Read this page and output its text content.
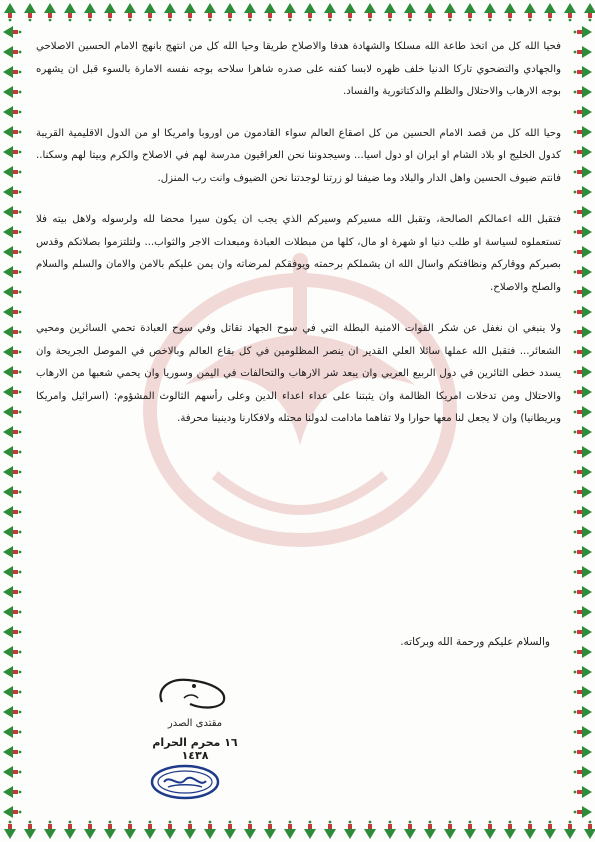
فحيا الله كل من اتخذ طاعة الله مسلكا والشهادة هدفا والاصلاح طريقا وحيا الله كل من انتهج بانهج الامام الحسين الاصلاحي والجهادي والتضحوي تاركا الدنيا خلف ظهره لابسا كفنه على صدره شاهرا سلاحه بوجه نفسه الامارة بالسوء قبل ان يشهره بوجه الارهاب والاحتلال والظلم والدكتاتورية والفساد.

وحيا الله كل من قصد الامام الحسين من كل اصقاع العالم سواء القادمون من اوروبا وامريكا او من الدول الاقليمية القريبة كدول الخليج او بلاد الشام او ايران او دول اسيا... وسيجدوننا نحن العراقيون مدرسة لهم في الاصلاح والكرم وبيتا لهم وسكنا.. فانتم ضيوف الحسين واهل الدار والبلاد وما ضيفنا لو زرتنا لوجدتنا نحن الضيوف وانت رب المنزل.

فتقبل الله اعمالكم الصالحة، وتقبل الله مسيركم وسيركم الذي يجب ان يكون سيرا محضا لله ولرسوله ولاهل بيته فلا تستعملوه لسياسة او طلب دنيا او شهرة او مال، كلها من مبطلات العبادة ومبعدات الاجر والثواب... ولتلتزموا بصلاتكم وقدس بصبركم ووقاركم ونظافتكم واسال الله ان يشملكم برحمته ويوفقكم لمرضاته وان يمن عليكم بالامن والامان والسلم والسلام والصلح والاصلاح.

ولا ينبغي ان نغفل عن شكر القوات الامنية البطلة التي في سوح الجهاد تقاتل وفي سوح العبادة تحمي السائرين ومحيي الشعائر... فتقبل الله عملها سائلا العلي القدير ان ينصر المظلومين في كل بقاع العالم وبالاخص في الموصل الجريحة وان يسدد خطى الثائرين في دول الربيع العربي وان يبعد شر الارهاب والتحالفات في اليمن وسوريا وان يحمي شعبها من الارهاب والاحتلال ومن تدخلات امريكا الظالمة وان يثبتنا على عداء اعداء الدين وعلى رأسهم الثالوث المشؤوم: (اسرائيل وامريكا وبريطانيا) وان لا يجعل لنا معها حوارا ولا تفاهما مادامت لدولنا محتله ولافكارنا ودينينا محرفة.

والسلام عليكم ورحمة الله وبركاته.
مقتدى الصدر
١٦ محرم الحرام ١٤٣٨
